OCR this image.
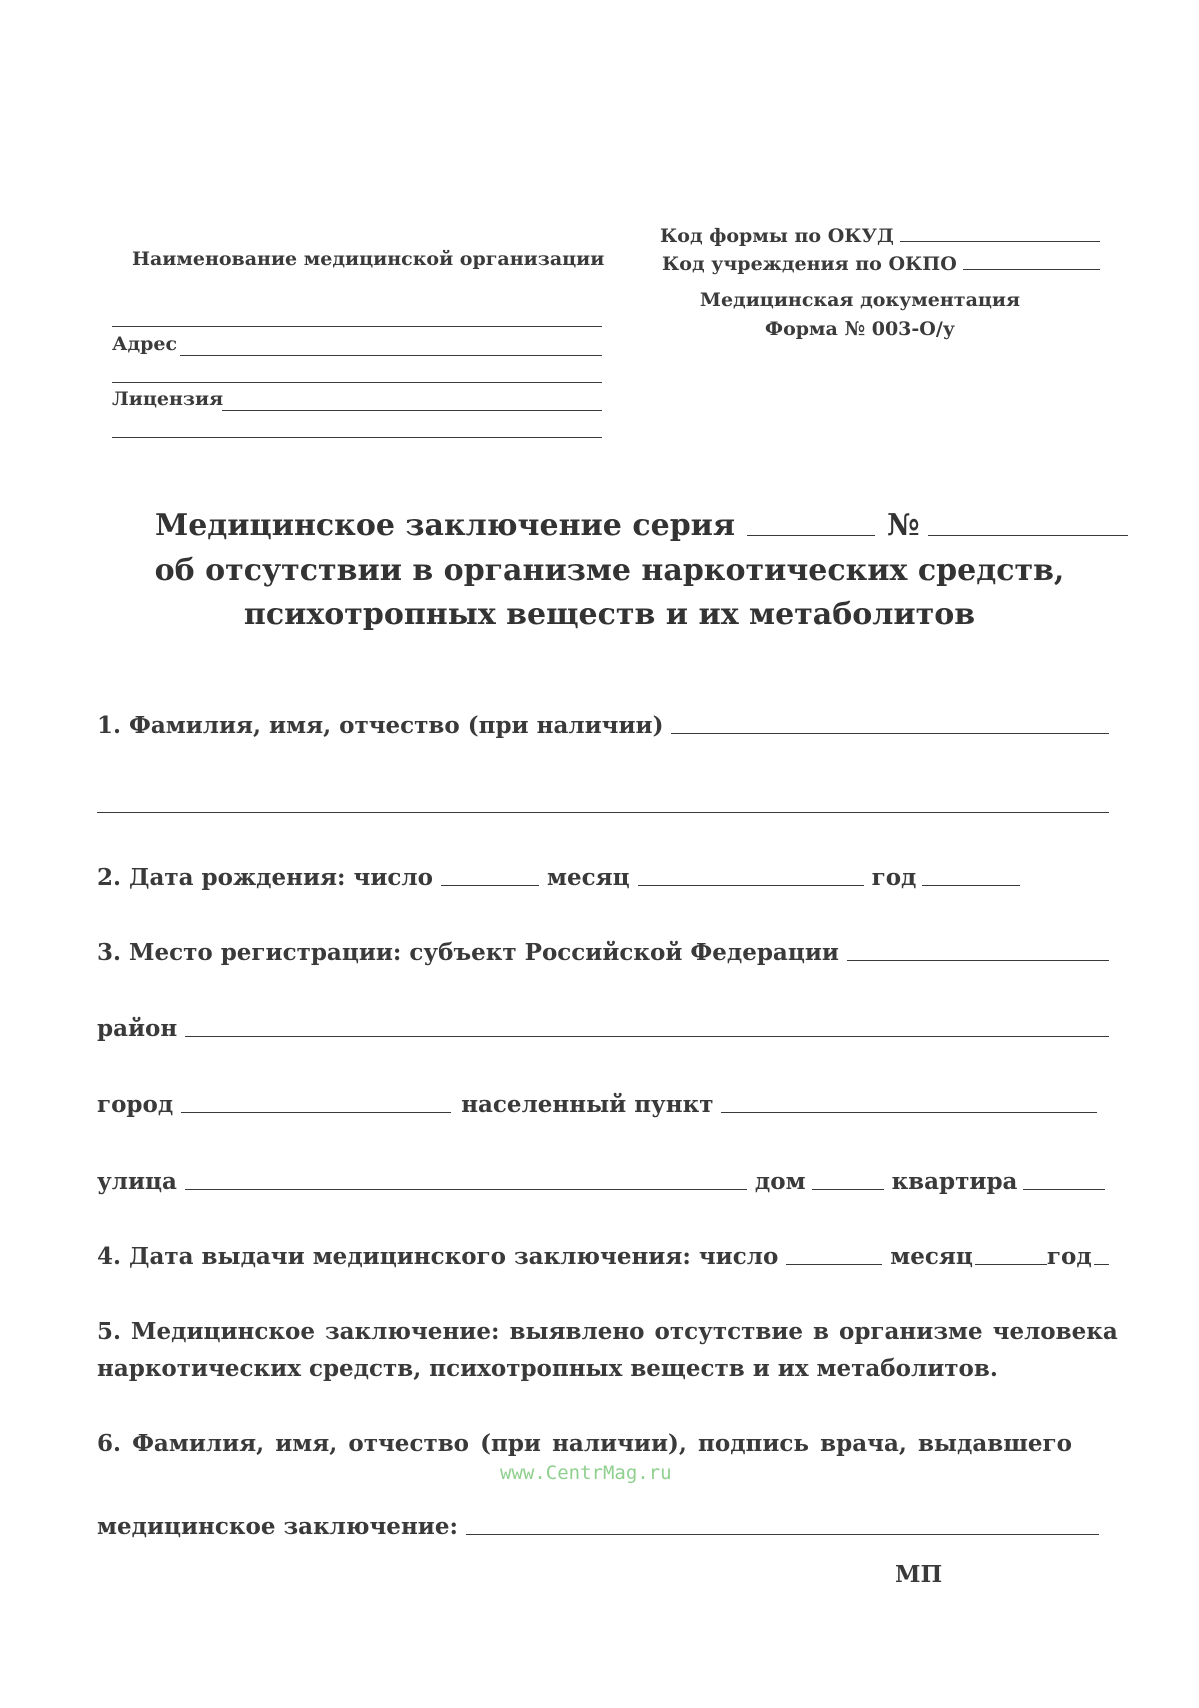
Наименование медицинской организации
Адрес
Лицензия
Код формы по ОКУД
Код учреждения по ОКПО
Медицинская документация
Форма № 003-О/у
Медицинское заключение серия	№
об отсутствии в организме наркотических средств,
психотропных веществ и их метаболитов
1. Фамилия, имя, отчество (при наличии)
2. Дата рождения: число	месяц	год
3. Место регистрации: субъект Российской Федерации
район
город	населенный пункт
улица	дом	квартира
4. Дата выдачи медицинского заключения: число	месяц	год
5. Медицинское заключение: выявлено отсутствие в организме человека
наркотических средств, психотропных веществ и их метаболитов.
6. Фамилия, имя, отчество (при наличии), подпись врача, выдавшего
www.CentrMag.ru
медицинское заключение:
МП
